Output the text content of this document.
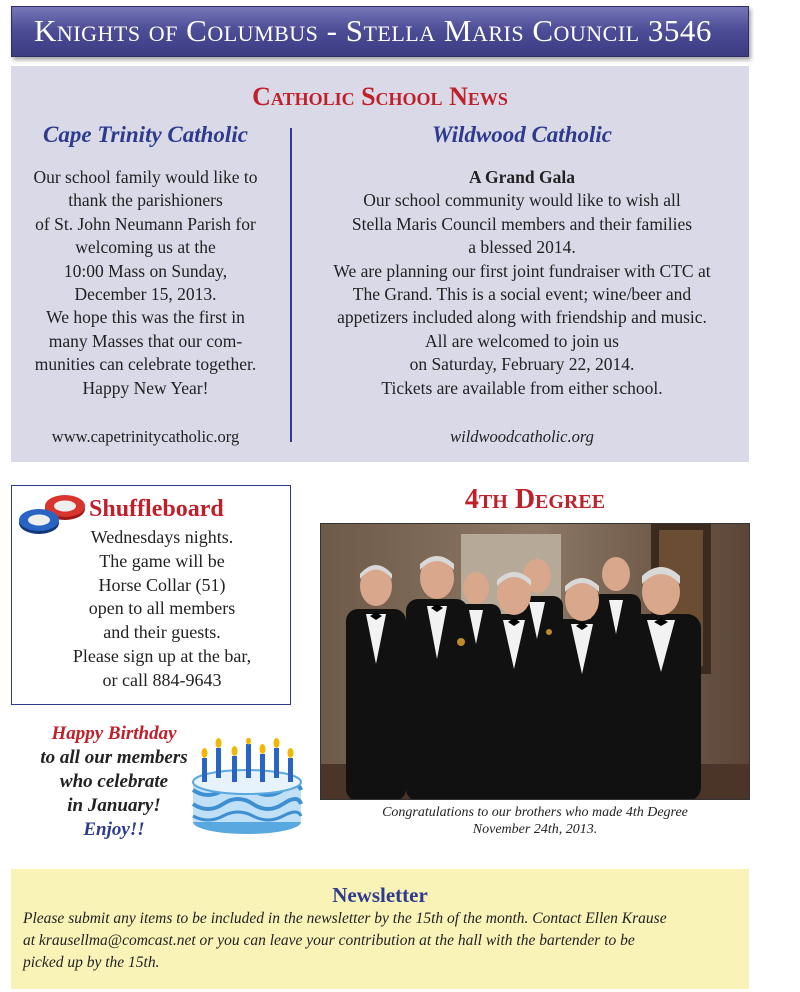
Knights of Columbus - Stella Maris Council 3546
Catholic School News
Cape Trinity Catholic
Our school family would like to
thank the parishioners
of St. John Neumann Parish for
welcoming us at the
10:00 Mass on Sunday,
December 15, 2013.
We hope this was the first in
many Masses that our com-
munities can celebrate together.
Happy New Year!
www.capetrinitycatholic.org
Wildwood Catholic
A Grand Gala
Our school community would like to wish all
Stella Maris Council members and their families
a blessed 2014.
We are planning our first joint fundraiser with CTC at
The Grand. This is a social event; wine/beer and
appetizers included along with friendship and music.
All are welcomed to join us
on Saturday, February 22, 2014.
Tickets are available from either school.
wildwoodcatholic.org
Shuffleboard
Wednesdays nights.
The game will be
Horse Collar (51)
open to all members
and their guests.
Please sign up at the bar,
or call 884-9643
Happy Birthday
to all our members
who celebrate
in January!
Enjoy!!
4th Degree
Congratulations to our brothers who made 4th Degree
November 24th, 2013.
Newsletter
Please submit any items to be included in the newsletter by the 15th of the month. Contact Ellen Krause
at krausellma@comcast.net or you can leave your contribution at the hall with the bartender to be
picked up by the 15th.
